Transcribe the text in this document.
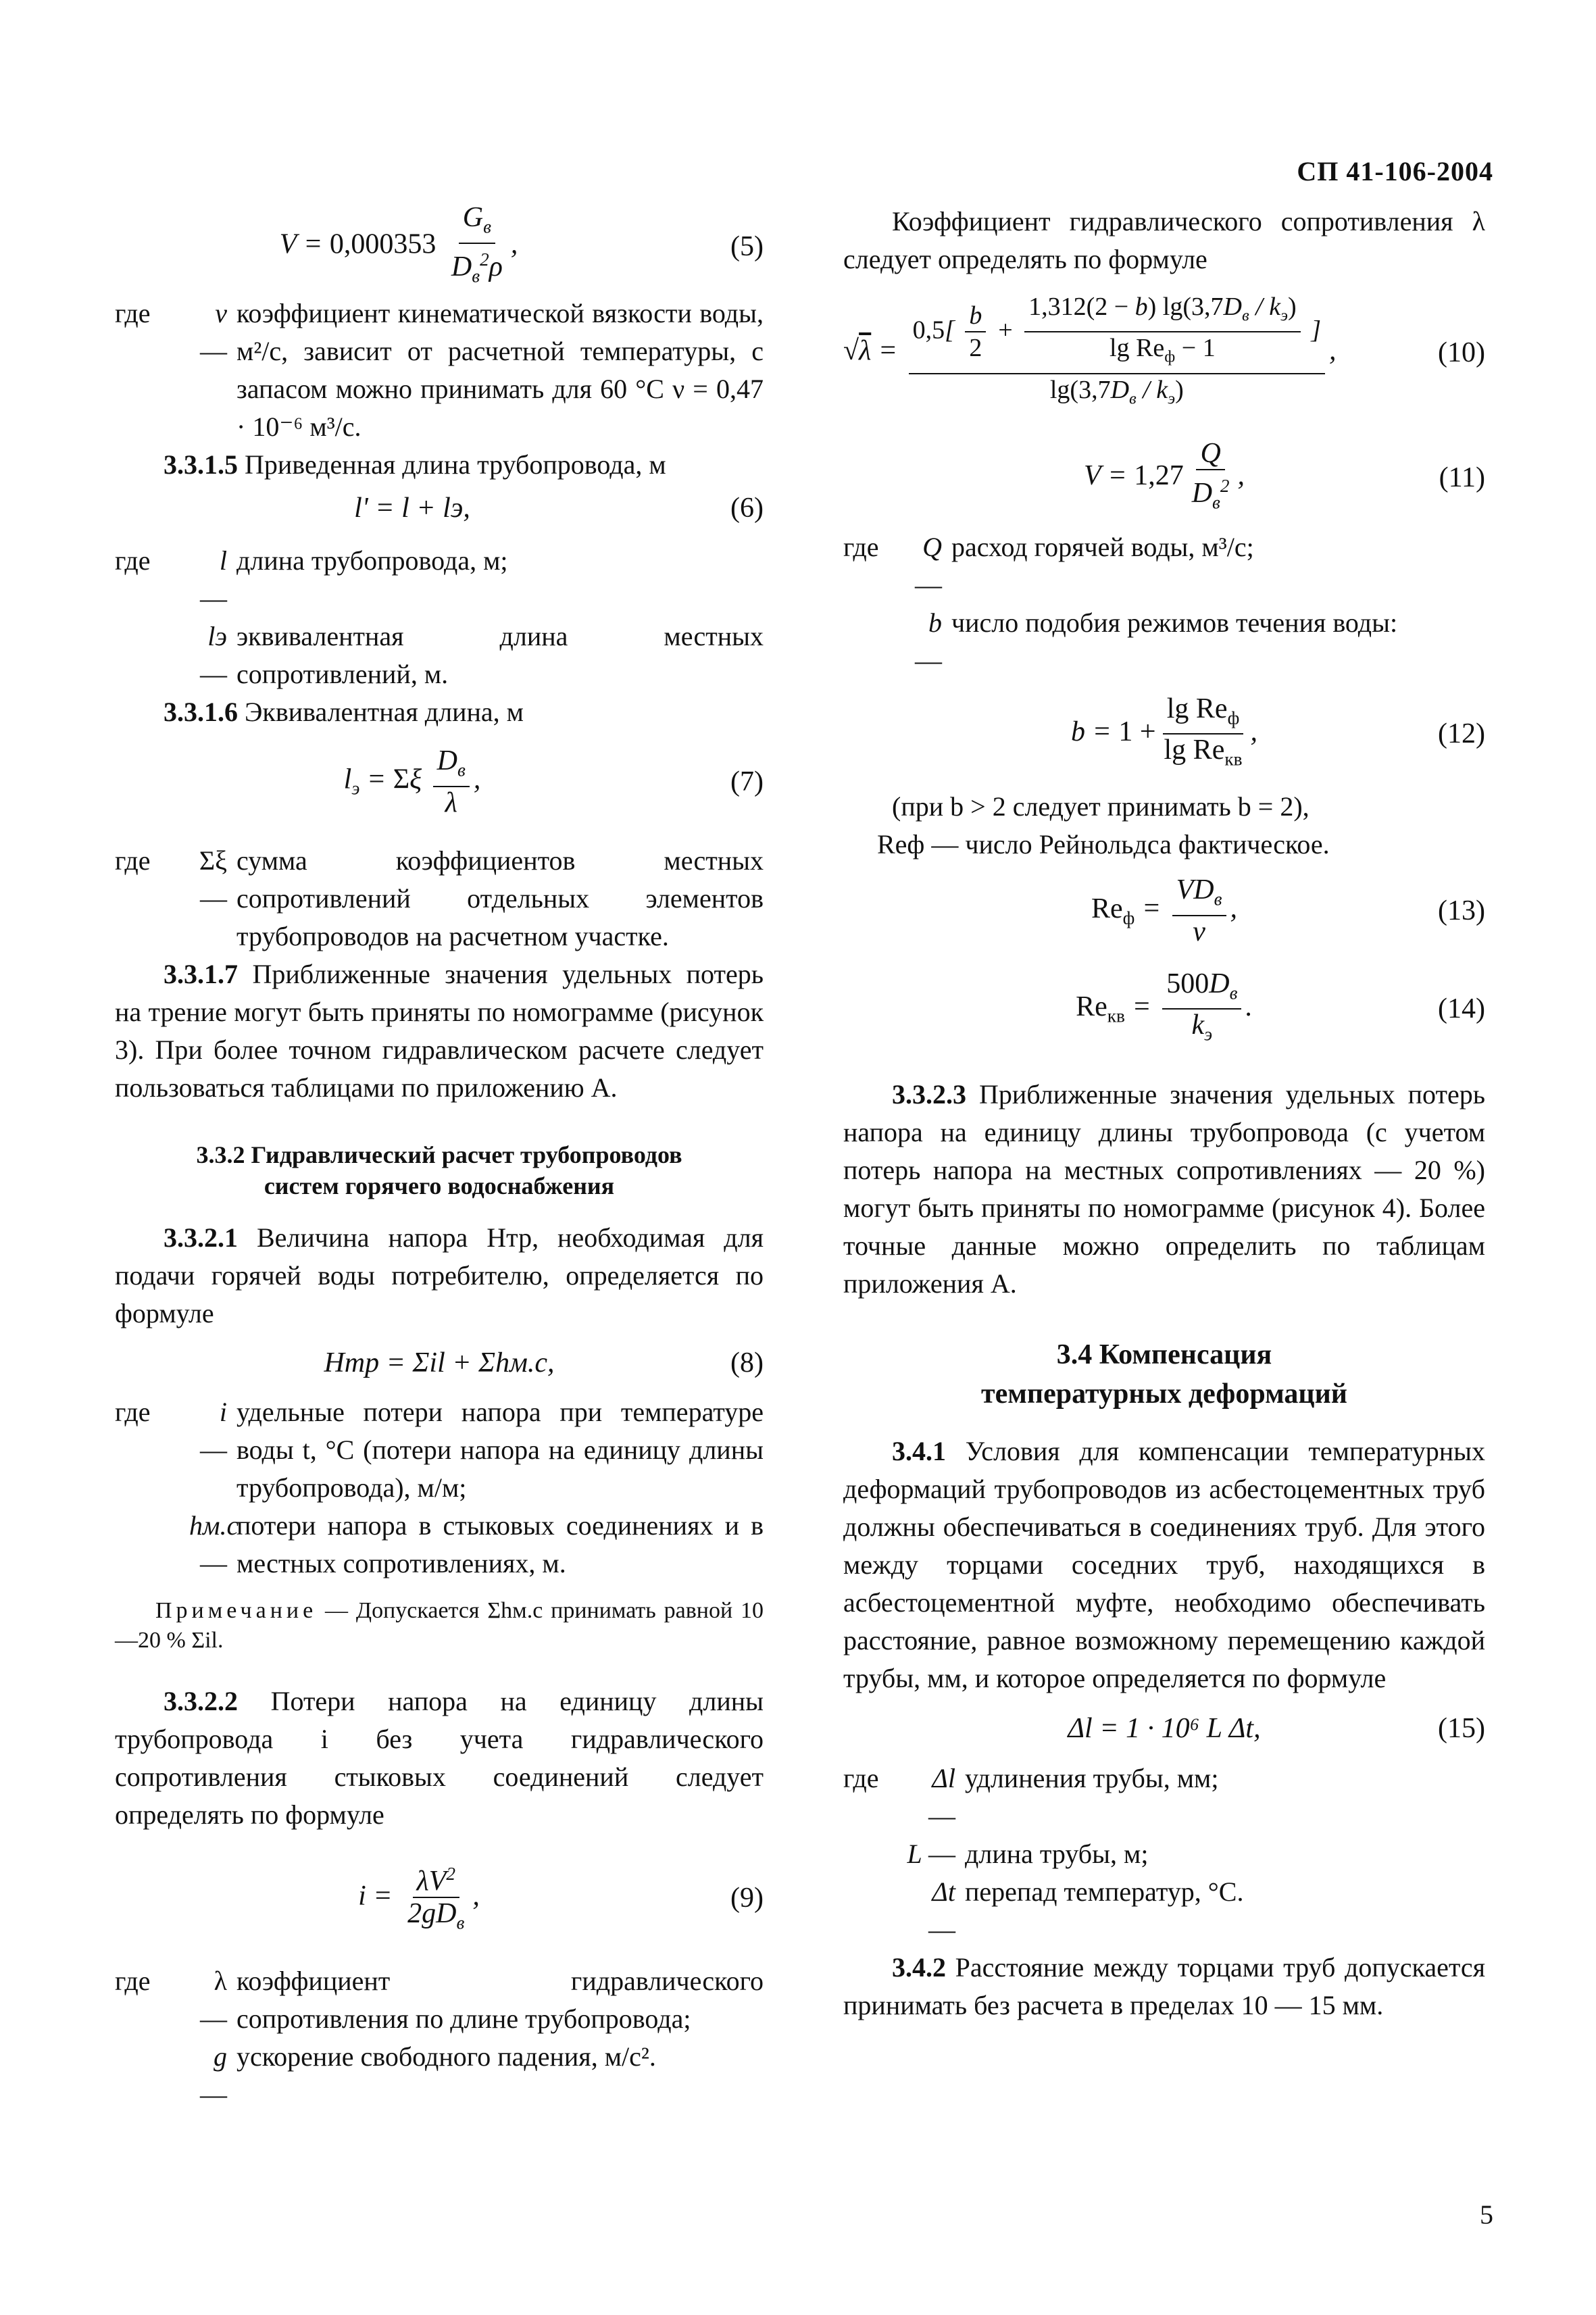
СП 41-106-2004
$V = 0,000353 \frac{G_в}{D_в^2\rho}$ ,	(5)
где	ν —
коэффициент кинематической вязкости воды, м²/с, зависит от расчетной температуры, с запасом можно принимать для 60 °С ν = 0,47 · 10⁻⁶ м³/с.

3.3.1.5 Приведенная длина трубопровода, м

l' = l + lэ,	(6)
где	l —
длина трубопровода, м;
lэ —
эквивалентная длина местных сопротивлений, м.

3.3.1.6 Эквивалентная длина, м

$l_э = \Sigma\xi \frac{D_в}{\lambda}$ ,	(7)
где	Σξ —
сумма коэффициентов местных сопротивлений отдельных элементов трубопроводов на расчетном участке.

3.3.1.7 Приближенные значения удельных потерь на трение могут быть приняты по номограмме (рисунок 3). При более точном гидравлическом расчете следует пользоваться таблицами по приложению А.

3.3.2 Гидравлический расчет трубопроводов
систем горячего водоснабжения

3.3.2.1 Величина напора Hтр, необходимая для подачи горячей воды потребителю, определяется по формуле

Hтр = Σil + Σhм.с,	(8)
где	i —
удельные потери напора при температуре воды t, °С (потери напора на единицу длины трубопровода), м/м;
hм.с —
потери напора в стыковых соединениях и в местных сопротивлениях, м.

Примечание — Допускается Σhм.с принимать равной 10—20 % Σil.

3.3.2.2 Потери напора на единицу длины трубопровода i без учета гидравлического сопротивления стыковых соединений следует определять по формуле

$i = \frac{\lambda V^2}{2gD_в}$ ,	(9)
где	λ —
коэффициент гидравлического сопротивления по длине трубопровода;
g —
ускорение свободного падения, м/с².

Коэффициент гидравлического сопротивления λ следует определять по формуле

$√\lambda = \frac{0,5[ \frac{b}{2} + \frac{1,312(2 - b) \lg(3,7D_в / k_э)}{\lg Re_ф - 1} ]}{\lg(3,7D_в / k_э)}$ ,	(10)
$V = 1,27 \frac{Q}{D_в^2}$ ,	(11)
где	Q —
расход горячей воды, м³/с;
b —
число подобия режимов течения воды:
$b = 1 + \frac{\lg Re_ф}{\lg Re_{кв}}$ ,	(12)

(при b > 2 следует принимать b = 2),

Reф — число Рейнольдса фактическое.

$Re_ф = \frac{VD_в}{\nu}$ ,	(13)
$Re_{кв} = \frac{500D_в}{k_э}$ .	(14)

3.3.2.3 Приближенные значения удельных потерь напора на единицу длины трубопровода (с учетом потерь напора на местных сопротивлениях — 20 %) могут быть приняты по номограмме (рисунок 4). Более точные данные можно определить по таблицам приложения А.

3.4 Компенсация
температурных деформаций

3.4.1 Условия для компенсации температурных деформаций трубопроводов из асбестоцементных труб должны обеспечиваться в соединениях труб. Для этого между торцами соседних труб, находящихся в асбестоцементной муфте, необходимо обеспечивать расстояние, равное возможному перемещению каждой трубы, мм, и которое определяется по формуле

Δl = 1 · 10⁶ L Δt,	(15)
где	Δl —
удлинения трубы, мм;
L — длина трубы, м;
Δt —
перепад температур, °С.

3.4.2 Расстояние между торцами труб допускается принимать без расчета в пределах 10 — 15 мм.

5
